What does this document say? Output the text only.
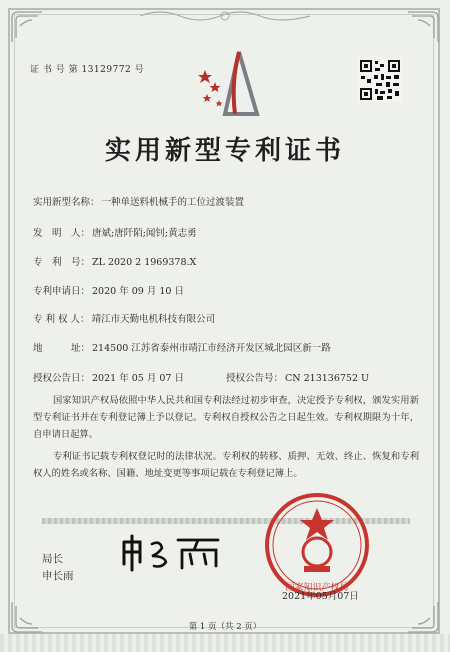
证 书 号 第 13129772 号
实用新型专利证书
实用新型名称： 一种单送料机械手的工位过渡装置
发　明　人： 唐斌;唐阡陌;闻钊;黄志勇
专　利　号： ZL 2020 2 1969378.X
专利申请日： 2020 年 09 月 10 日
专 利 权 人： 靖江市天勤电机科技有限公司
地　　　址： 214500 江苏省泰州市靖江市经济开发区城北园区新一路
授权公告日： 2021 年 05 月 07 日	授权公告号： CN 213136752 U
国家知识产权局依照中华人民共和国专利法经过初步审查，决定授予专利权，颁发实用新型专利证书并在专利登记簿上予以登记。专利权自授权公告之日起生效。专利权期限为十年，自申请日起算。
专利证书记载专利权登记时的法律状况。专利权的转移、质押、无效、终止、恢复和专利权人的姓名或名称、国籍、地址变更等事项记载在专利登记簿上。
局长
申长雨
国家知识产权局
2021年05月07日
第 1 页（共 2 页）
